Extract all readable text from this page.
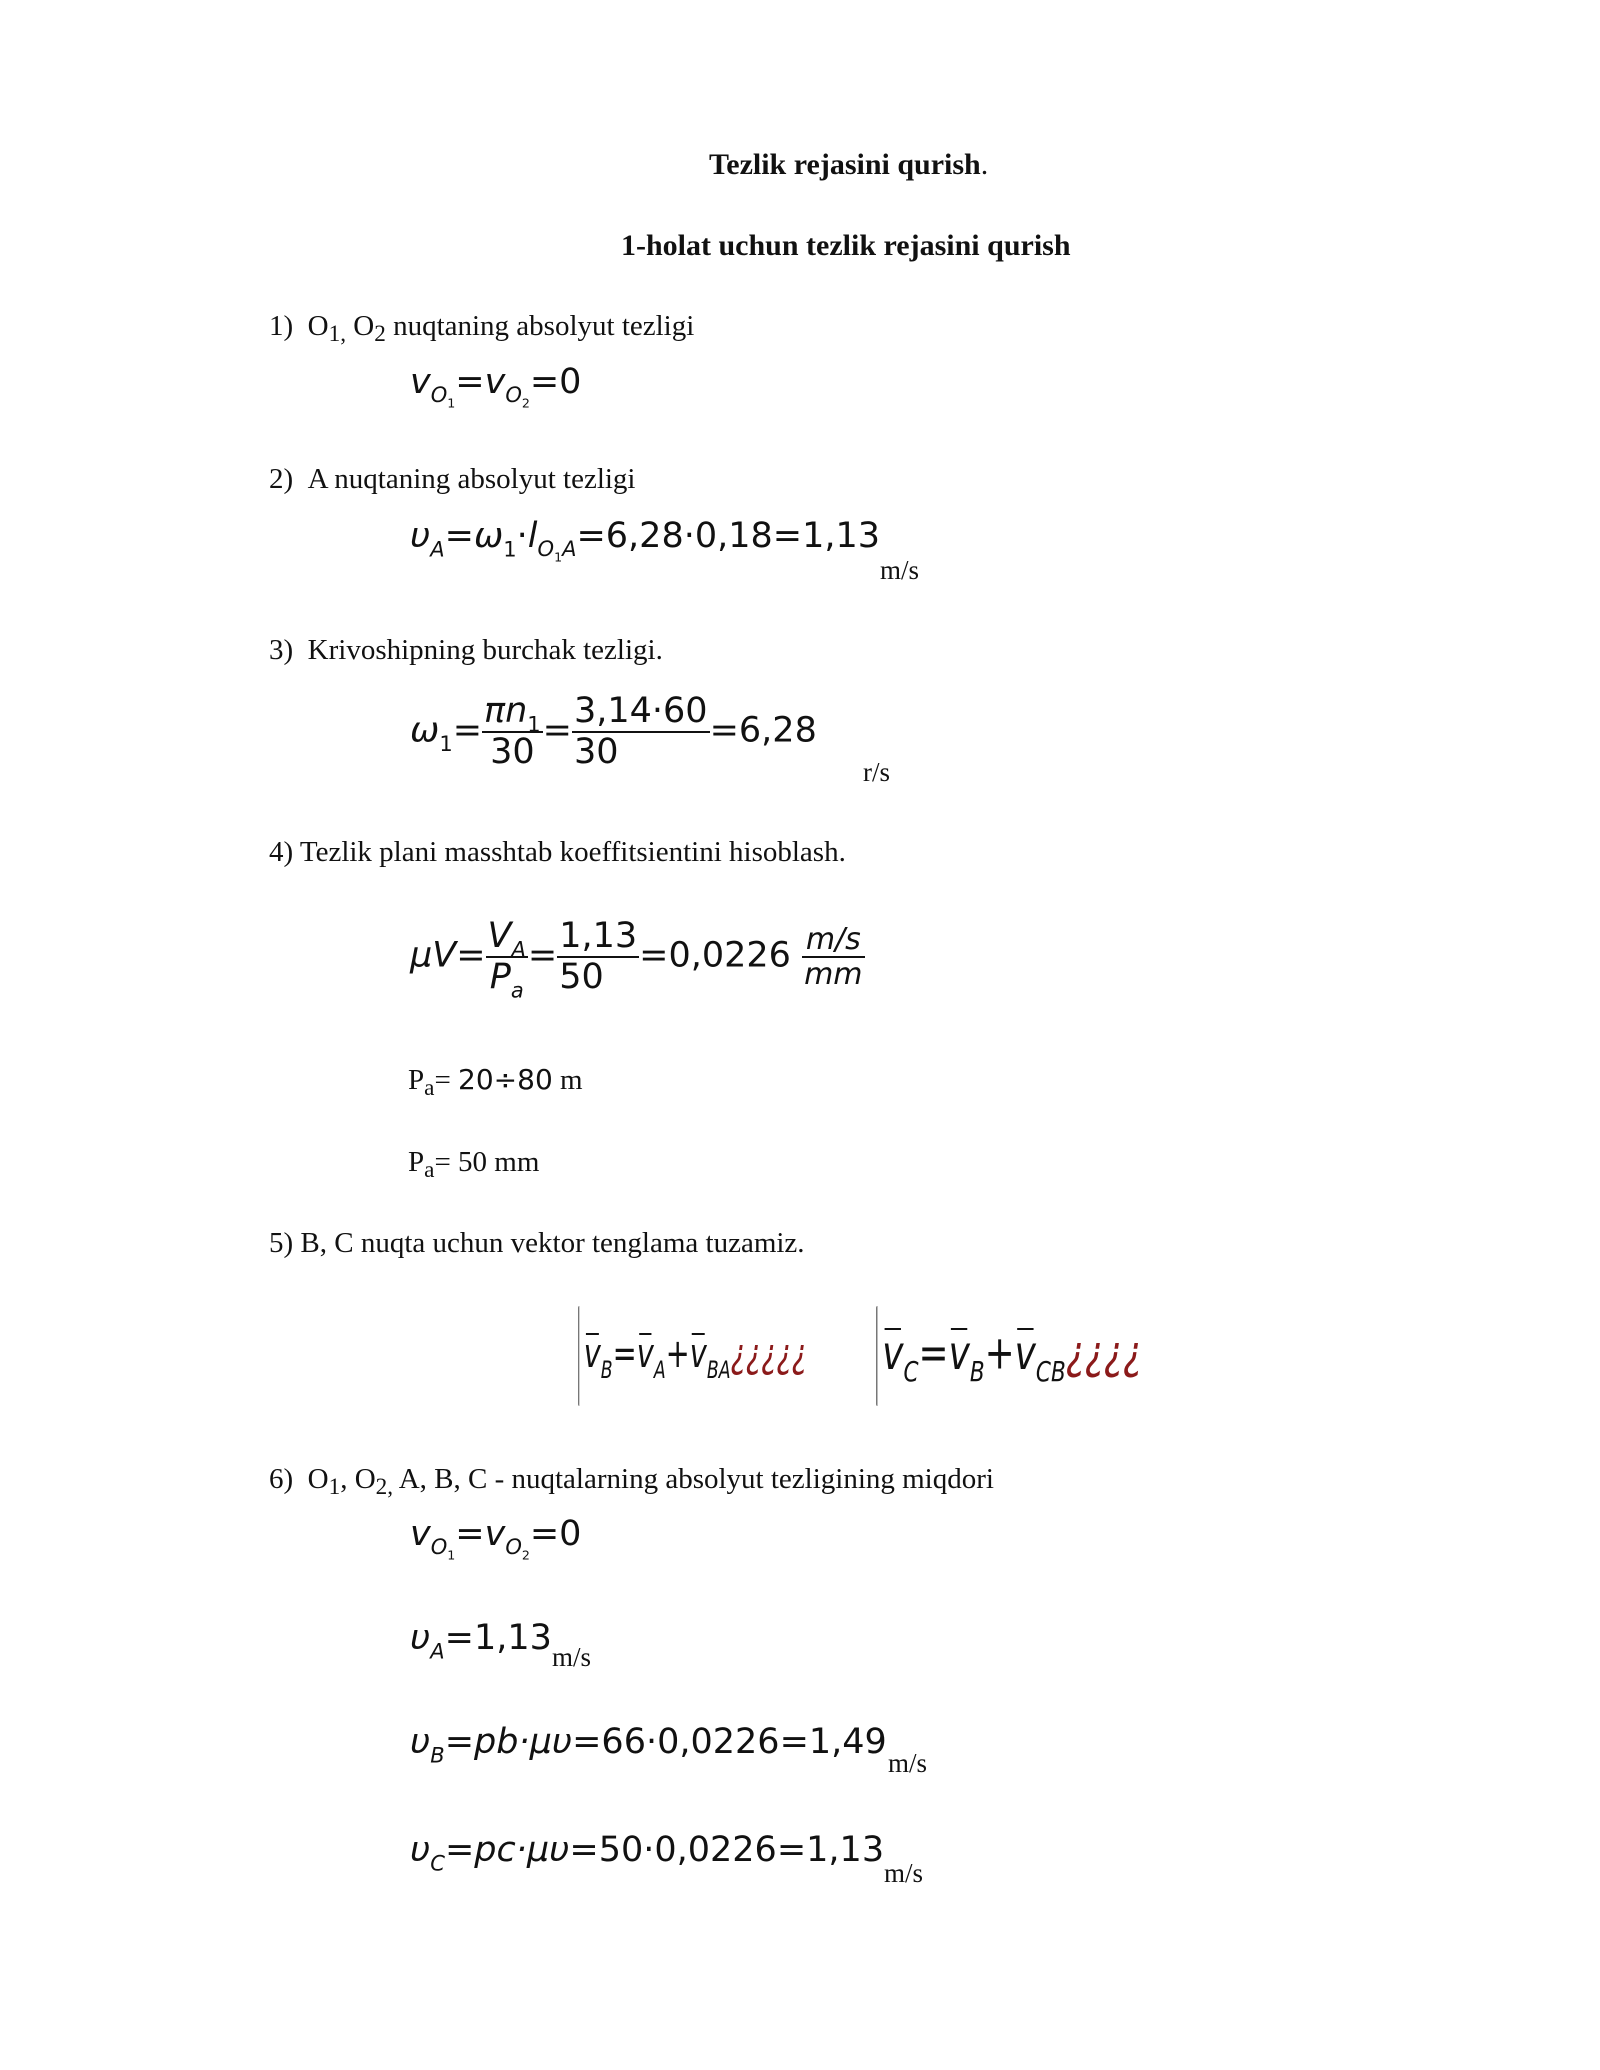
Tezlik rejasini qurish.
1-holat uchun tezlik rejasini qurish
1) $O_{1,}$ $O_2$ nuqtaning absolyut tezligi
$v_{O_1}=v_{O_2}=0$
2) A nuqtaning absolyut tezligi
$\upsilon_A=\omega_1\cdot l_{O_1A}=6,28\cdot 0,18=1,13$
m/s
3) Krivoshipning burchak tezligi.
$\omega_1= \frac{\pi n_1}{30} = \frac{3,14\cdot 60}{30} =6,28$
r/s
4) Tezlik plani masshtab koeffitsientini hisoblash.
$\mu V= \frac{V_A}{P_a} = \frac{1,13}{50} =0,0226 \frac{m/s}{mm}$
$P_a= 20\div 80$ m
$P_a= 50$ mm
5) B, C nuqta uchun vektor tenglama tuzamiz.
$v_B=v_A+v_{BA}¿¿¿¿¿$ $v_C=v_B+v_{CB}¿¿¿¿$
6) $O_1$, $O_{2,}$ A, B, C - nuqtalarning absolyut tezligining miqdori
$v_{O_1}=v_{O_2}=0$
$\upsilon_A=1,13$ m/s
$\upsilon_B=pb\cdot\mu\upsilon=66\cdot 0,0226=1,49$
m/s
$\upsilon_C=pc\cdot\mu\upsilon=50\cdot 0,0226=1,13$
m/s
